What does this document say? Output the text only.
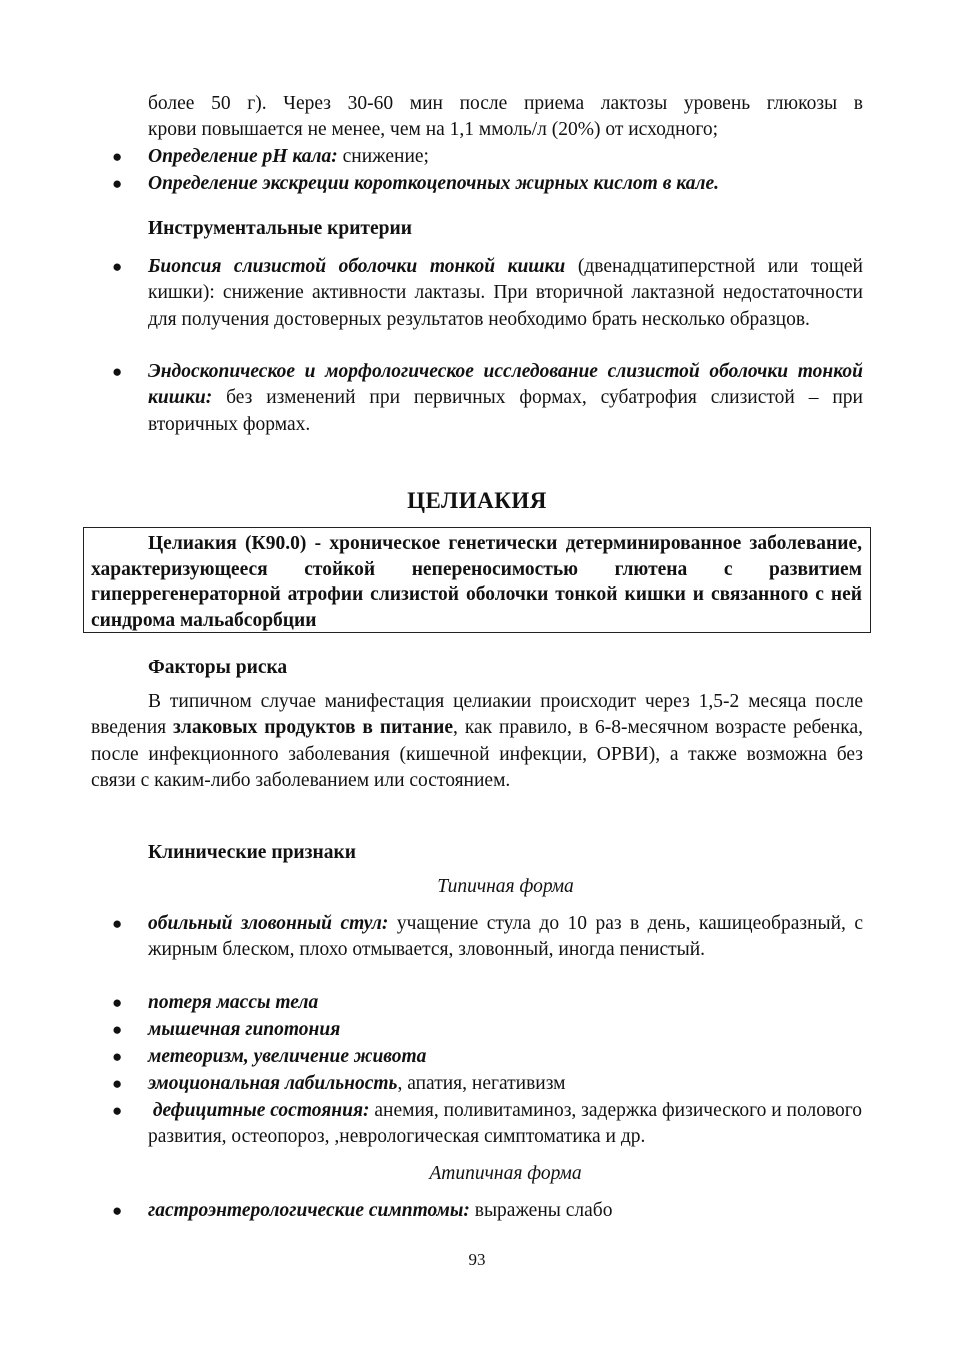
более 50 г). Через 30-60 мин после приема лактозы уровень глюкозы в
крови повышается не менее, чем на 1,1 ммоль/л (20%) от исходного;
● Определение рН кала: снижение;
● Определение экскреции короткоцепочных жирных кислот в кале.
Инструментальные критерии
● Биопсия слизистой оболочки тонкой кишки (двенадцатиперстной или тощей кишки): снижение активности лактазы. При вторичной лактазной недостаточности для получения достоверных результатов необходимо брать несколько образцов.
● Эндоскопическое и морфологическое исследование слизистой оболочки тонкой кишки: без изменений при первичных формах, субатрофия слизистой – при вторичных формах.
ЦЕЛИАКИЯ
Целиакия (К90.0) - хроническое генетически детерминированное заболевание, характеризующееся стойкой непереносимостью глютена с развитием гиперрегенераторной атрофии слизистой оболочки тонкой кишки и связанного с ней синдрома мальабсорбции
Факторы риска
В типичном случае манифестация целиакии происходит через 1,5-2 месяца после введения злаковых продуктов в питание, как правило, в 6-8-месячном возрасте ребенка, после инфекционного заболевания (кишечной инфекции, ОРВИ), а также возможна без связи с каким-либо заболеванием или состоянием.
Клинические признаки
Типичная форма
● обильный зловонный стул: учащение стула до 10 раз в день, кашицеобразный, с жирным блеском, плохо отмывается, зловонный, иногда пенистый.
● потеря массы тела
● мышечная гипотония
● метеоризм, увеличение живота
● эмоциональная лабильность, апатия, негативизм
● дефицитные состояния: анемия, поливитаминоз, задержка физического и полового развития, остеопороз, ,неврологическая симптоматика и др.
Атипичная форма
● гастроэнтерологические симптомы: выражены слабо
93
